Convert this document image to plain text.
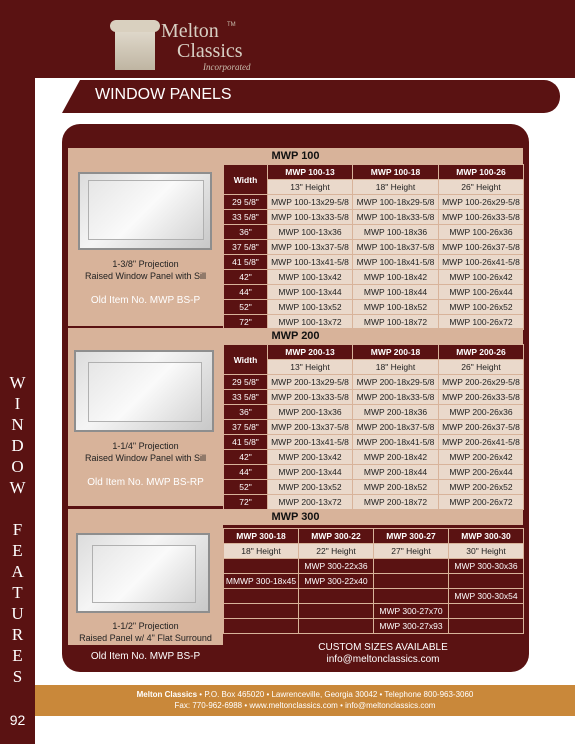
W
I
N
D
O
W
F
E
A
T
U
R
E
S
92
Melton TM
Classics
Incorporated
WINDOW PANELS
MWP 100
1-3/8" Projection
Raised Window Panel with Sill
Old Item No. MWP BS-P
Width	MWP 100-13	MWP 100-18	MWP 100-26
	13" Height	18" Height	26" Height
29 5/8"	MWP 100-13x29-5/8	MWP 100-18x29-5/8	MWP 100-26x29-5/8
33 5/8"	MWP 100-13x33-5/8	MWP 100-18x33-5/8	MWP 100-26x33-5/8
36"	MWP 100-13x36	MWP 100-18x36	MWP 100-26x36
37 5/8"	MWP 100-13x37-5/8	MWP 100-18x37-5/8	MWP 100-26x37-5/8
41 5/8"	MWP 100-13x41-5/8	MWP 100-18x41-5/8	MWP 100-26x41-5/8
42"	MWP 100-13x42	MWP 100-18x42	MWP 100-26x42
44"	MWP 100-13x44	MWP 100-18x44	MWP 100-26x44
52"	MWP 100-13x52	MWP 100-18x52	MWP 100-26x52
72"	MWP 100-13x72	MWP 100-18x72	MWP 100-26x72
MWP 200
1-1/4" Projection
Raised Window Panel with Sill
Old Item No. MWP BS-RP
Width	MWP 200-13	MWP 200-18	MWP 200-26
	13" Height	18" Height	26" Height
29 5/8"	MWP 200-13x29-5/8	MWP 200-18x29-5/8	MWP 200-26x29-5/8
33 5/8"	MWP 200-13x33-5/8	MWP 200-18x33-5/8	MWP 200-26x33-5/8
36"	MWP 200-13x36	MWP 200-18x36	MWP 200-26x36
37 5/8"	MWP 200-13x37-5/8	MWP 200-18x37-5/8	MWP 200-26x37-5/8
41 5/8"	MWP 200-13x41-5/8	MWP 200-18x41-5/8	MWP 200-26x41-5/8
42"	MWP 200-13x42	MWP 200-18x42	MWP 200-26x42
44"	MWP 200-13x44	MWP 200-18x44	MWP 200-26x44
52"	MWP 200-13x52	MWP 200-18x52	MWP 200-26x52
72"	MWP 200-13x72	MWP 200-18x72	MWP 200-26x72
MWP 300
1-1/2" Projection
Raised Panel w/ 4" Flat Surround
Old Item No. MWP BS-P
MWP 300-18	MWP 300-22	MWP 300-27	MWP 300-30
18" Height	22" Height	27" Height	30" Height
	MWP 300-22x36		MWP 300-30x36
MMWP 300-18x45	MWP 300-22x40		
			MWP 300-30x54
		MWP 300-27x70	
		MWP 300-27x93	
CUSTOM SIZES AVAILABLE
info@meltonclassics.com
Melton Classics • P.O. Box 465020 • Lawrenceville, Georgia 30042 • Telephone 800-963-3060
Fax: 770-962-6988 • www.meltonclassics.com • info@meltonclassics.com
